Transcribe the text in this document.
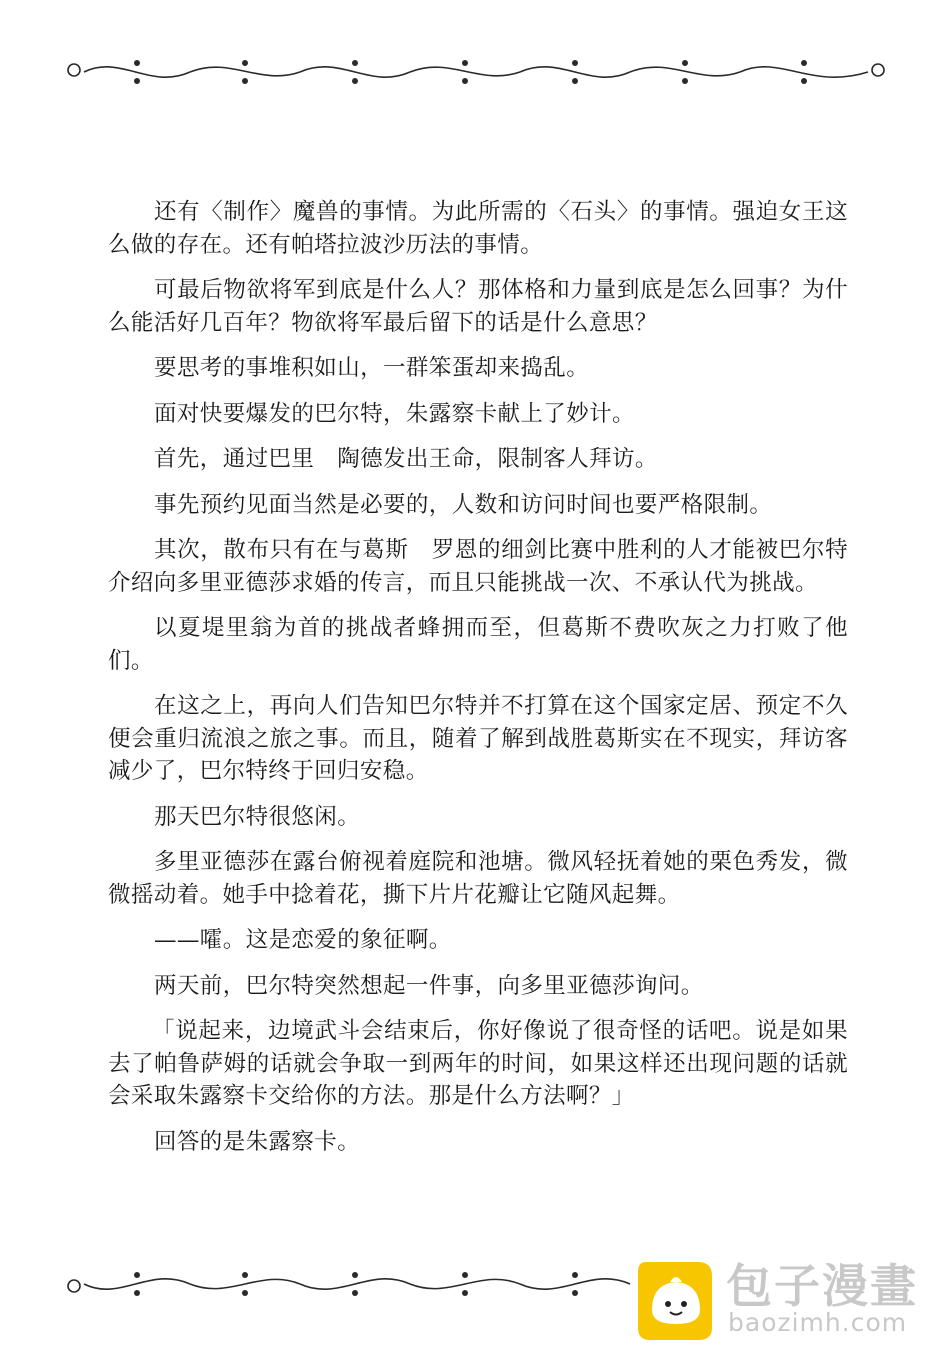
还有〈制作〉魔兽的事情。为此所需的〈石头〉的事情。强迫女王这么做的存在。还有帕塔拉波沙历法的事情。

可最后物欲将军到底是什么人？那体格和力量到底是怎么回事？为什么能活好几百年？物欲将军最后留下的话是什么意思？

要思考的事堆积如山，一群笨蛋却来捣乱。

面对快要爆发的巴尔特，朱露察卡献上了妙计。

首先，通过巴里　陶德发出王命，限制客人拜访。

事先预约见面当然是必要的，人数和访问时间也要严格限制。

其次，散布只有在与葛斯　罗恩的细剑比赛中胜利的人才能被巴尔特介绍向多里亚德莎求婚的传言，而且只能挑战一次、不承认代为挑战。

以夏堤里翁为首的挑战者蜂拥而至，但葛斯不费吹灰之力打败了他们。

在这之上，再向人们告知巴尔特并不打算在这个国家定居、预定不久便会重归流浪之旅之事。而且，随着了解到战胜葛斯实在不现实，拜访客减少了，巴尔特终于回归安稳。

那天巴尔特很悠闲。

多里亚德莎在露台俯视着庭院和池塘。微风轻抚着她的栗色秀发，微微摇动着。她手中捻着花，撕下片片花瓣让它随风起舞。

——嚯。这是恋爱的象征啊。

两天前，巴尔特突然想起一件事，向多里亚德莎询问。

「说起来，边境武斗会结束后，你好像说了很奇怪的话吧。说是如果去了帕鲁萨姆的话就会争取一到两年的时间，如果这样还出现问题的话就会采取朱露察卡交给你的方法。那是什么方法啊？」

回答的是朱露察卡。

包子漫畫
baozimh.com
